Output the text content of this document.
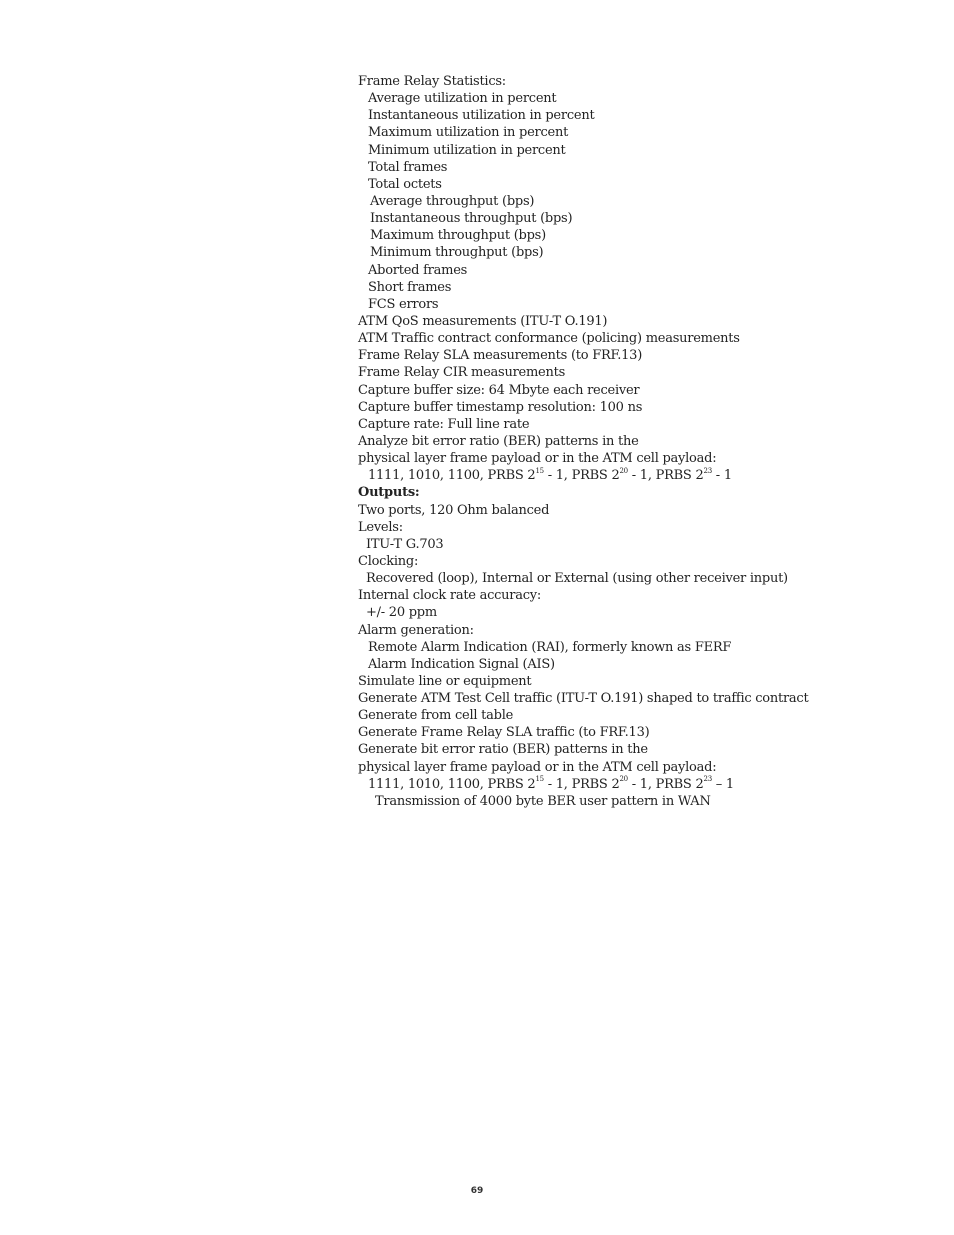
Frame Relay Statistics:
Average utilization in percent
Instantaneous utilization in percent
Maximum utilization in percent
Minimum utilization in percent
Total frames
Total octets
Average throughput (bps)
Instantaneous throughput (bps)
Maximum throughput (bps)
Minimum throughput (bps)
Aborted frames
Short frames
FCS errors
ATM QoS measurements (ITU-T O.191)
ATM Traffic contract conformance (policing) measurements
Frame Relay SLA measurements (to FRF.13)
Frame Relay CIR measurements
Capture buffer size: 64 Mbyte each receiver
Capture buffer timestamp resolution: 100 ns
Capture rate: Full line rate
Analyze bit error ratio (BER) patterns in the
physical layer frame payload or in the ATM cell payload:
1111, 1010, 1100, PRBS $2^{15} - 1$, PRBS $2^{20} - 1$, PRBS $2^{23} - 1$
Outputs:
Two ports, 120 Ohm balanced
Levels:
ITU-T G.703
Clocking:
Recovered (loop), Internal or External (using other receiver input)
Internal clock rate accuracy:
+/- 20 ppm
Alarm generation:
Remote Alarm Indication (RAI), formerly known as FERF
Alarm Indication Signal (AIS)
Simulate line or equipment
Generate ATM Test Cell traffic (ITU-T O.191) shaped to traffic contract
Generate from cell table
Generate Frame Relay SLA traffic (to FRF.13)
Generate bit error ratio (BER) patterns in the
physical layer frame payload or in the ATM cell payload:
1111, 1010, 1100, PRBS $2^{15} - 1$, PRBS $2^{20} - 1$, PRBS $2^{23} - 1$
Transmission of 4000 byte BER user pattern in WAN
69
